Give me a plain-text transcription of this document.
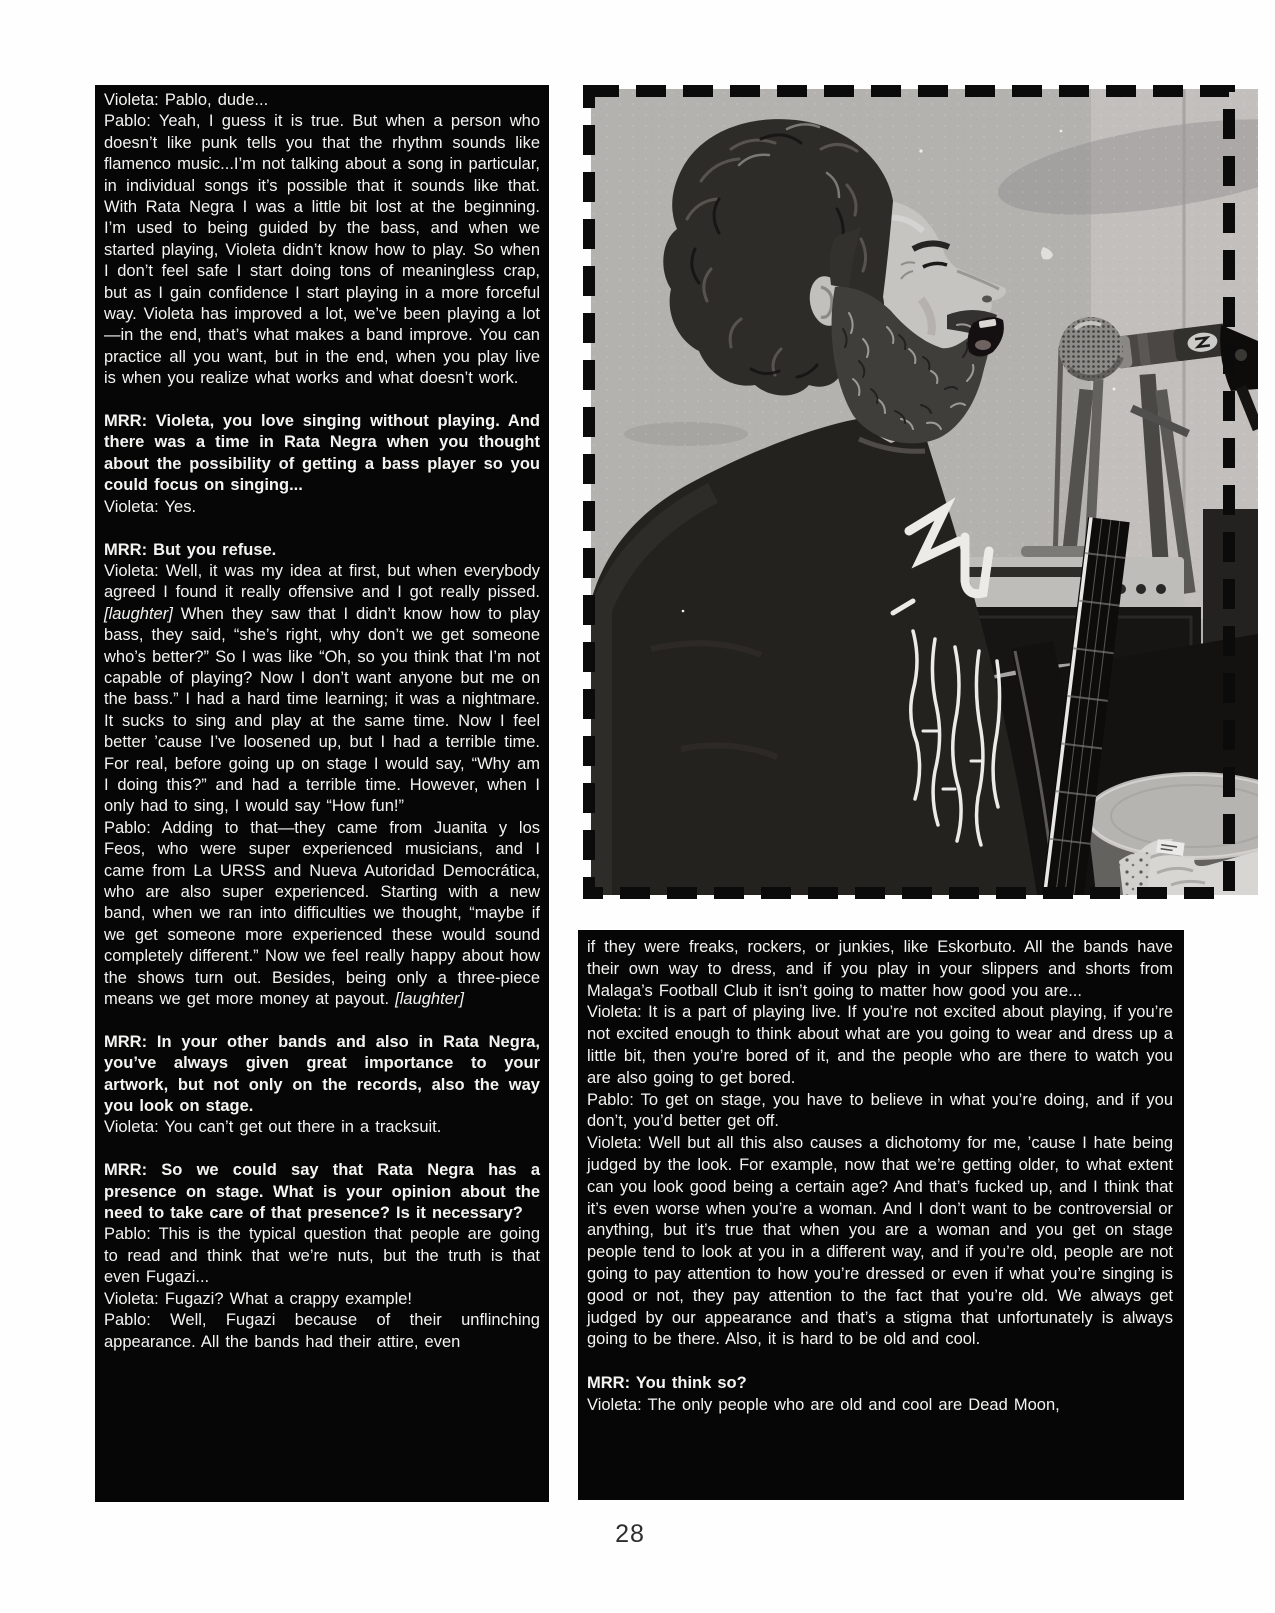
Violeta: Pablo, dude...
Pablo: Yeah, I guess it is true. But when a person who doesn’t like punk tells you that the rhythm sounds like flamenco music...I’m not talking about a song in particular, in individual songs it’s possible that it sounds like that. With Rata Negra I was a little bit lost at the beginning. I’m used to being guided by the bass, and when we started playing, Violeta didn’t know how to play. So when I don’t feel safe I start doing tons of meaningless crap, but as I gain confidence I start playing in a more forceful way. Violeta has improved a lot, we’ve been playing a lot—in the end, that’s what makes a band improve. You can practice all you want, but in the end, when you play live is when you realize what works and what doesn’t work.
MRR: Violeta, you love singing without playing. And there was a time in Rata Negra when you thought about the possibility of getting a bass player so you could focus on singing...
Violeta: Yes.
MRR: But you refuse.
Violeta: Well, it was my idea at first, but when everybody agreed I found it really offensive and I got really pissed. [laughter] When they saw that I didn’t know how to play bass, they said, “she’s right, why don’t we get someone who’s better?” So I was like “Oh, so you think that I’m not capable of playing? Now I don’t want anyone but me on the bass.” I had a hard time learning; it was a nightmare. It sucks to sing and play at the same time. Now I feel better ’cause I’ve loosened up, but I had a terrible time. For real, before going up on stage I would say, “Why am I doing this?” and had a terrible time. However, when I only had to sing, I would say “How fun!”
Pablo: Adding to that—they came from Juanita y los Feos, who were super experienced musicians, and I came from La URSS and Nueva Autoridad Democrática, who are also super experienced. Starting with a new band, when we ran into difficulties we thought, “maybe if we get someone more experienced these would sound completely different.” Now we feel really happy about how the shows turn out. Besides, being only a three-piece means we get more money at payout. [laughter]
MRR: In your other bands and also in Rata Negra, you’ve always given great importance to your artwork, but not only on the records, also the way you look on stage.
Violeta: You can’t get out there in a tracksuit.
MRR: So we could say that Rata Negra has a presence on stage. What is your opinion about the need to take care of that presence? Is it necessary?
Pablo: This is the typical question that people are going to read and think that we’re nuts, but the truth is that even Fugazi...
Violeta: Fugazi? What a crappy example!
Pablo: Well, Fugazi because of their unflinching appearance. All the bands had their attire, even
if they were freaks, rockers, or junkies, like Eskorbuto. All the bands have their own way to dress, and if you play in your slippers and shorts from Malaga’s Football Club it isn’t going to matter how good you are...
Violeta: It is a part of playing live. If you’re not excited about playing, if you’re not excited enough to think about what are you going to wear and dress up a little bit, then you’re bored of it, and the people who are there to watch you are also going to get bored.
Pablo: To get on stage, you have to believe in what you’re doing, and if you don’t, you’d better get off.
Violeta: Well but all this also causes a dichotomy for me, ’cause I hate being judged by the look. For example, now that we’re getting older, to what extent can you look good being a certain age? And that’s fucked up, and I think that it’s even worse when you’re a woman. And I don’t want to be controversial or anything, but it’s true that when you are a woman and you get on stage people tend to look at you in a different way, and if you’re old, people are not going to pay attention to how you’re dressed or even if what you’re singing is good or not, they pay attention to the fact that you’re old. We always get judged by our appearance and that’s a stigma that unfortunately is always going to be there. Also, it is hard to be old and cool.
MRR: You think so?
Violeta: The only people who are old and cool are Dead Moon,
28
